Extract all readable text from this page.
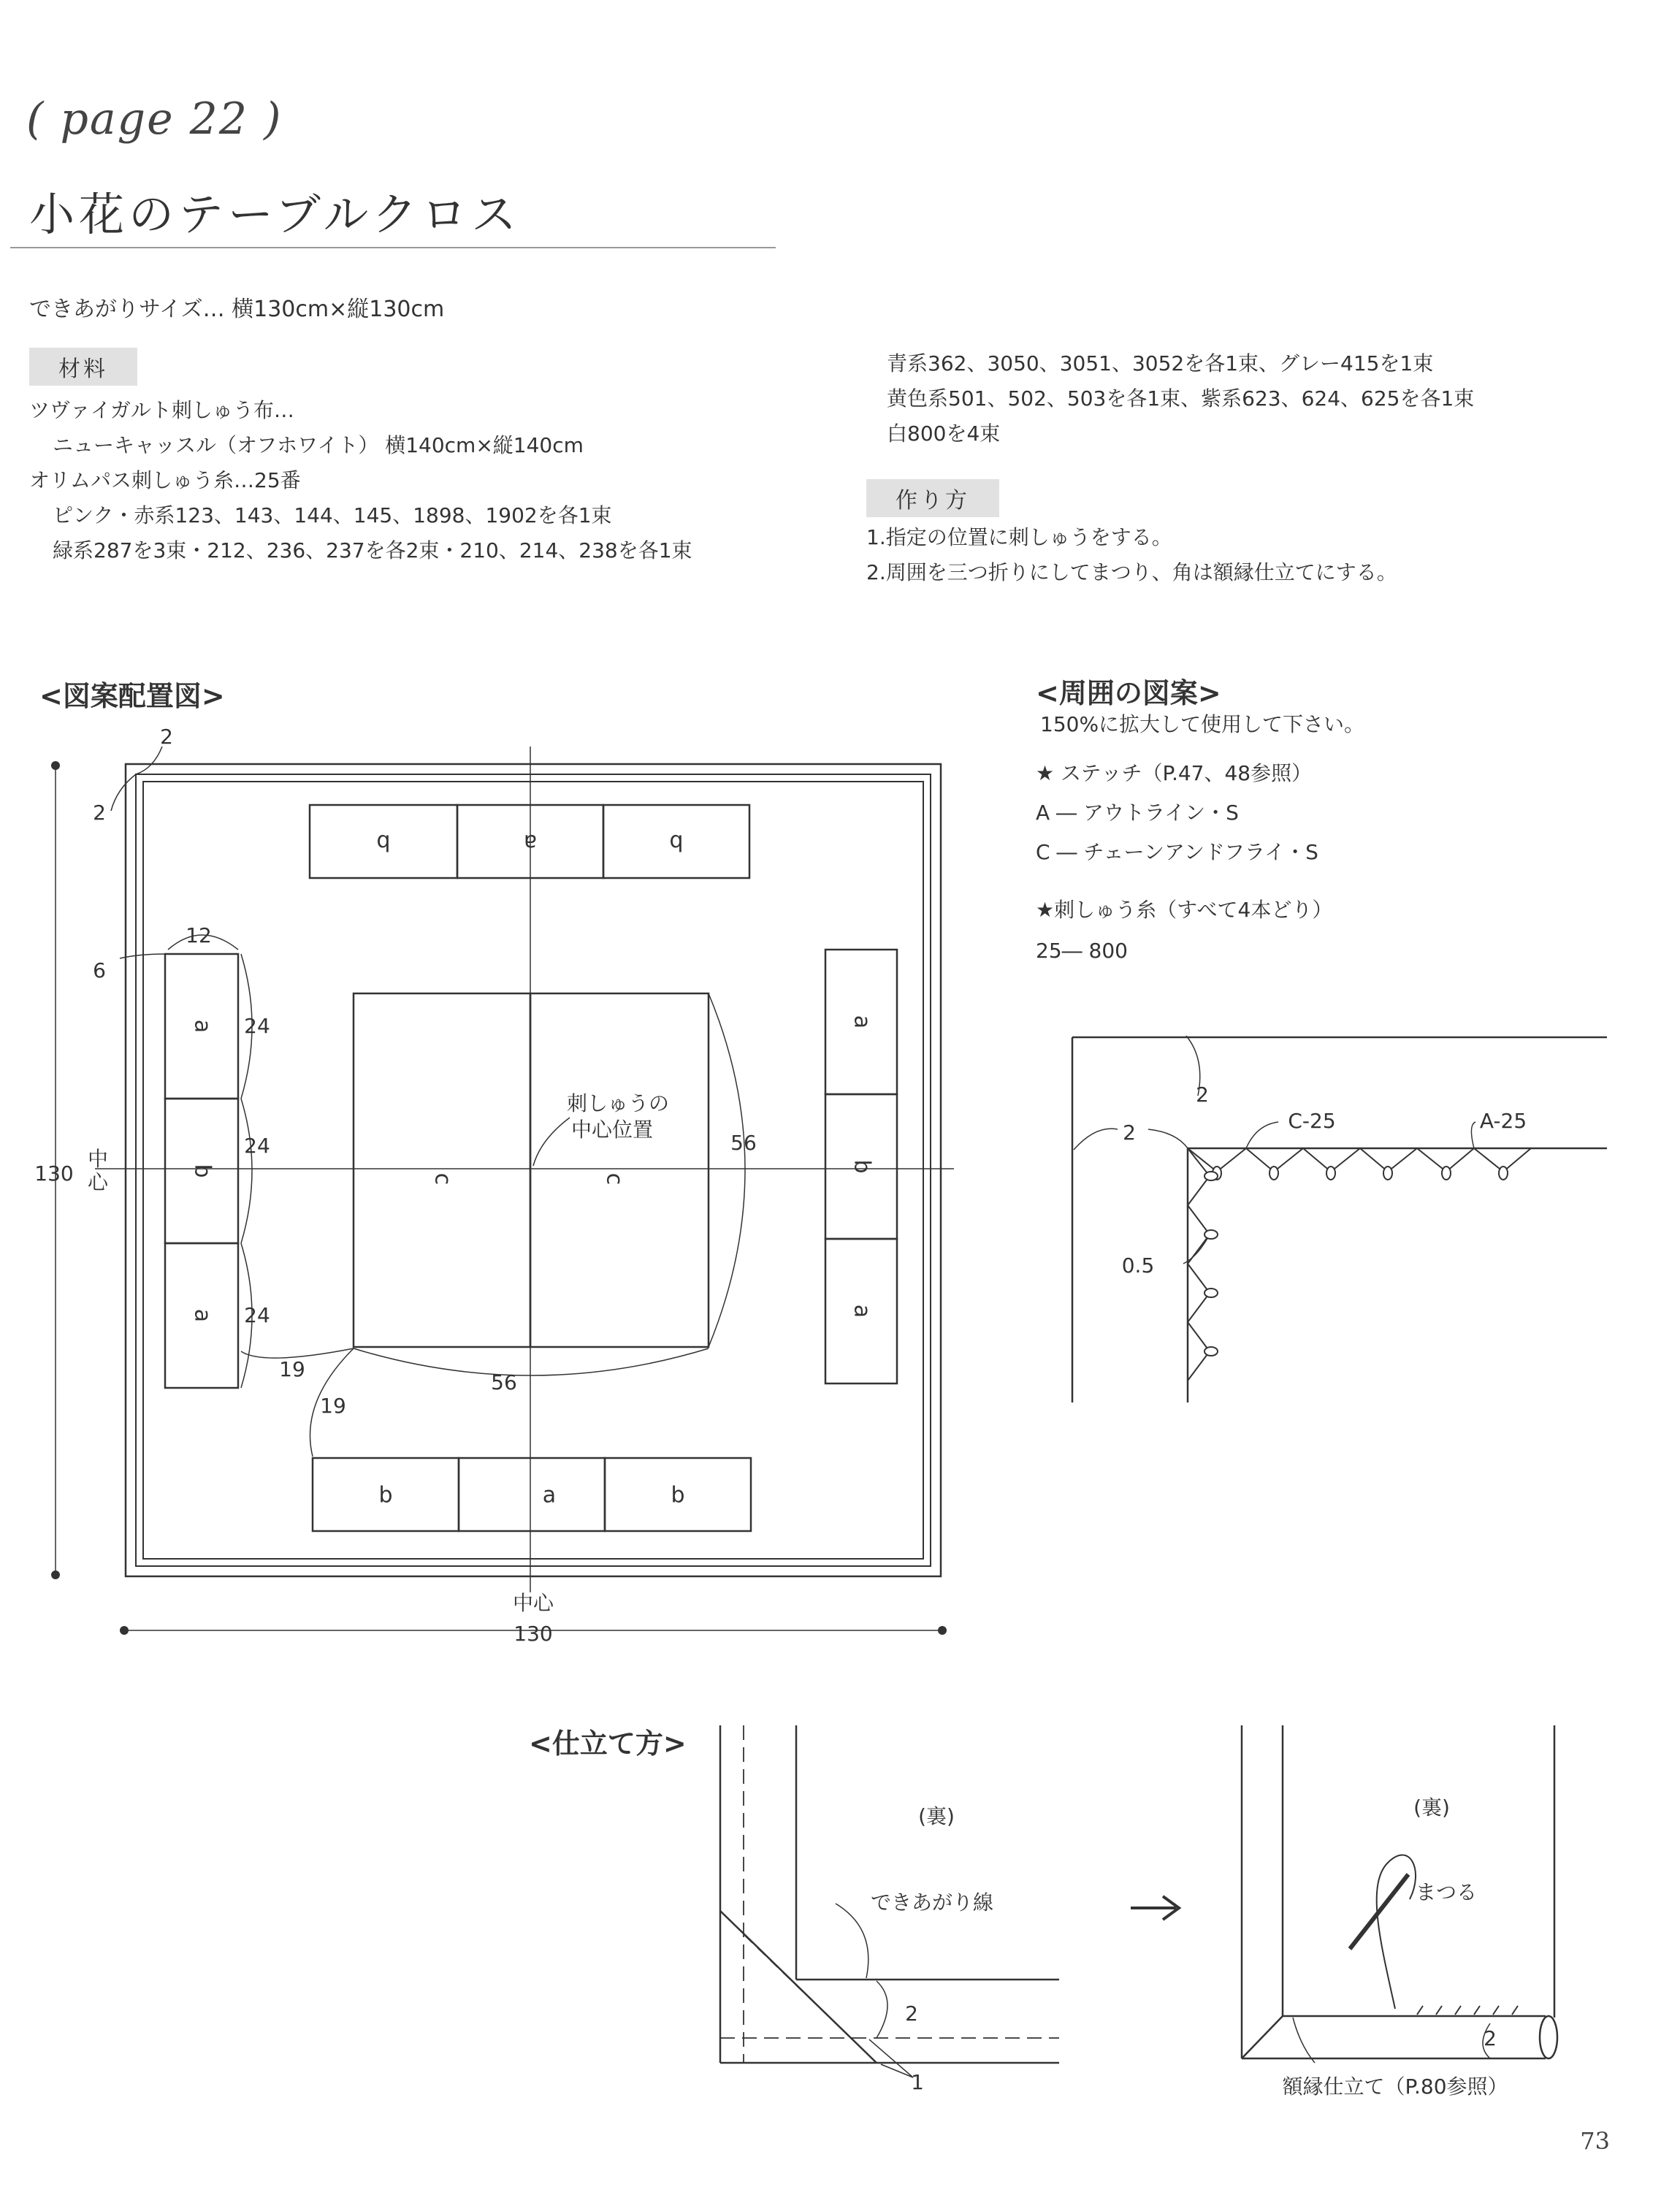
( page 22 )
小花のテーブルクロス
できあがりサイズ… 横130cm×縦130cm
材料
ツヴァイガルト刺しゅう布…
ニューキャッスル（オフホワイト） 横140cm×縦140cm
オリムパス刺しゅう糸…25番
ピンク・赤系123、143、144、145、1898、1902を各1束
緑系287を3束・212、236、237を各2束・210、214、238を各1束
青系362、3050、3051、3052を各1束、グレー415を1束
黄色系501、502、503を各1束、紫系623、624、625を各1束
白800を4束
作り方
1.指定の位置に刺しゅうをする。
2.周囲を三つ折りにしてまつり、角は額縁仕立てにする。
<図案配置図>
b	a	b
b	a	b
a
b
a
a
b
a
c	c
2
2
6
12
24
24
24
19
19
56
56
130
130
中心
中
心
刺しゅうの
中心位置
<周囲の図案>
150%に拡大して使用して下さい。
★ ステッチ（P.47、48参照）
A ― アウトライン・S
C ― チェーンアンドフライ・S
★刺しゅう糸（すべて4本どり）
25― 800
2
2	C-25	A-25
0.5
<仕立て方>
(裏)
できあがり線
2
1
(裏)
まつる
2
額縁仕立て（P.80参照）
73
